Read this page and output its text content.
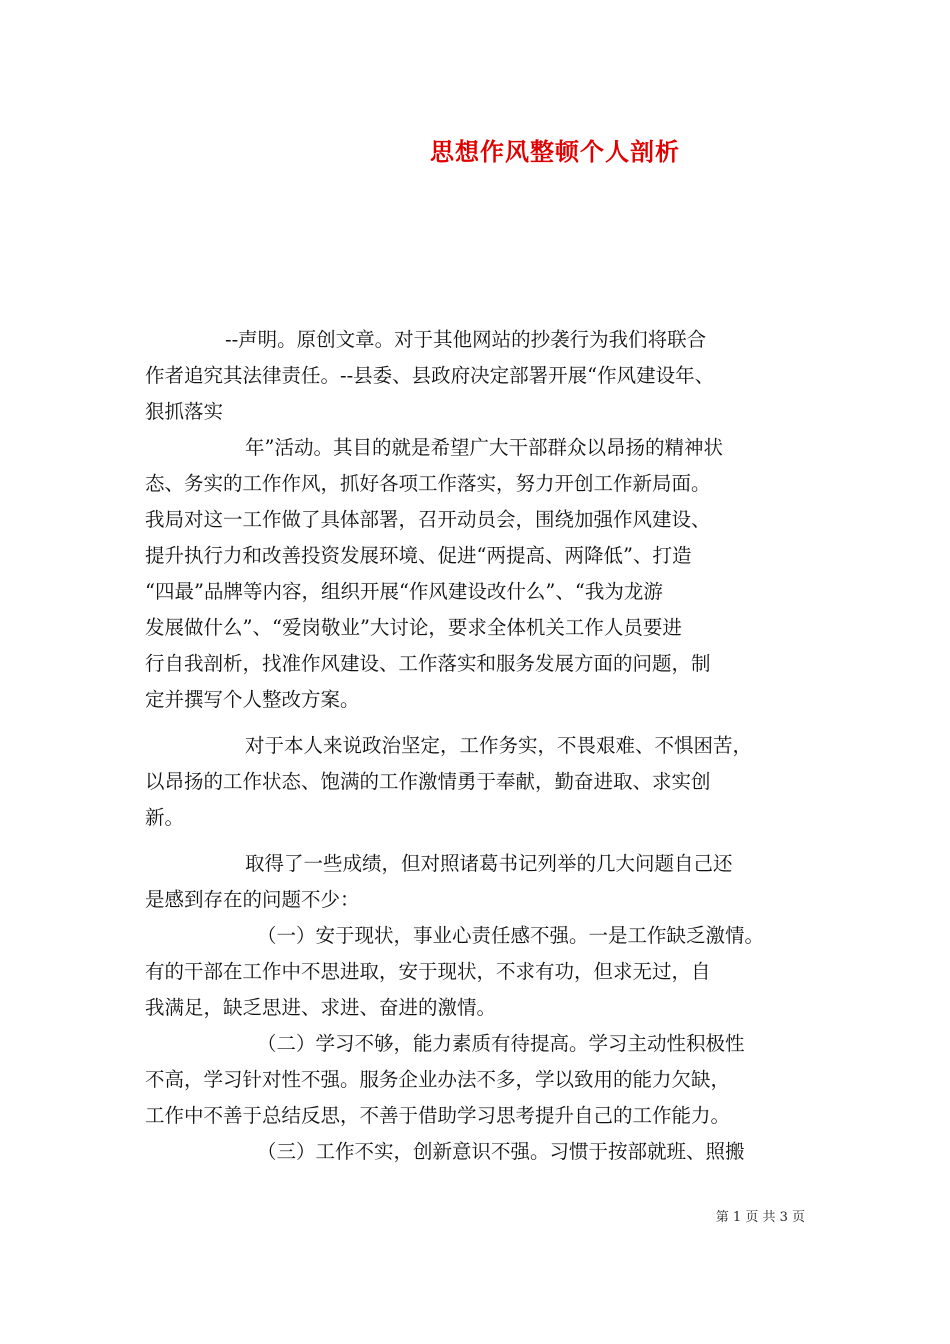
思想作风整顿个人剖析
--声明。原创文章。对于其他网站的抄袭行为我们将联合
作者追究其法律责任。--县委、县政府决定部署开展“作风建设年、
狠抓落实
年”活动。其目的就是希望广大干部群众以昂扬的精神状
态、务实的工作作风，抓好各项工作落实，努力开创工作新局面。
我局对这一工作做了具体部署，召开动员会，围绕加强作风建设、
提升执行力和改善投资发展环境、促进“两提高、两降低”、打造
“四最”品牌等内容，组织开展“作风建设改什么”、“我为龙游
发展做什么”、“爱岗敬业”大讨论，要求全体机关工作人员要进
行自我剖析，找准作风建设、工作落实和服务发展方面的问题，制
定并撰写个人整改方案。
对于本人来说政治坚定，工作务实，不畏艰难、不惧困苦，
以昂扬的工作状态、饱满的工作激情勇于奉献，勤奋进取、求实创
新。
取得了一些成绩，但对照诸葛书记列举的几大问题自己还
是感到存在的问题不少：
（一）安于现状，事业心责任感不强。一是工作缺乏激情。
有的干部在工作中不思进取，安于现状，不求有功，但求无过，自
我满足，缺乏思进、求进、奋进的激情。
（二）学习不够，能力素质有待提高。学习主动性积极性
不高，学习针对性不强。服务企业办法不多，学以致用的能力欠缺，
工作中不善于总结反思，不善于借助学习思考提升自己的工作能力。
（三）工作不实，创新意识不强。习惯于按部就班、照搬
第 1 页 共 3 页
